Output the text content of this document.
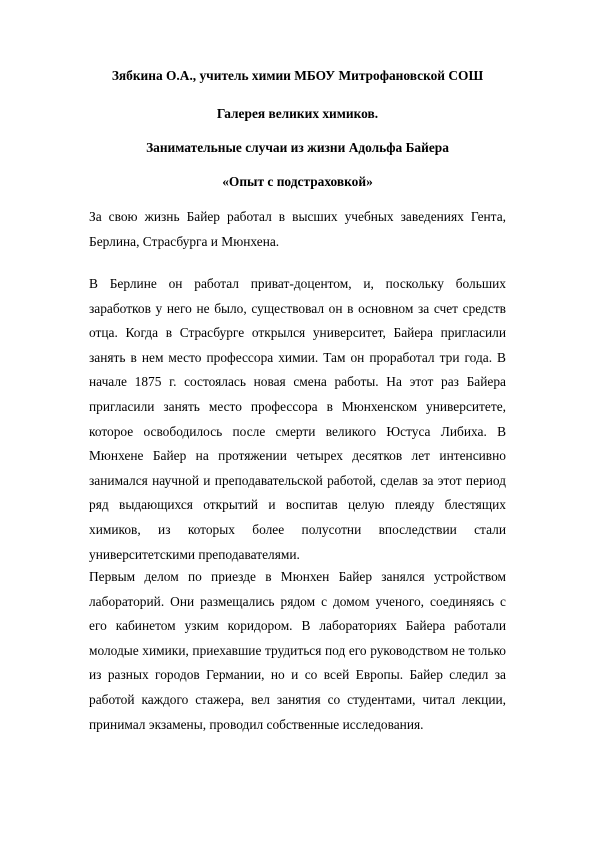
Зябкина О.А., учитель химии МБОУ Митрофановской СОШ
Галерея великих химиков.
Занимательные случаи из жизни Адольфа Байера
«Опыт с подстраховкой»

За свою жизнь Байер работал в высших учебных заведениях Гента, Берлина, Страсбурга и Мюнхена.

В Берлине он работал приват-доцентом, и, поскольку больших заработков у него не было, существовал он в основном за счет средств отца. Когда в Страсбурге открылся университет, Байера пригласили занять в нем место профессора химии. Там он проработал три года. В начале 1875 г. состоялась новая смена работы. На этот раз Байера пригласили занять место профессора в Мюнхенском университете, которое освободилось после смерти великого Юстуса Либиха. В Мюнхене Байер на протяжении четырех десятков лет интенсивно занимался научной и преподавательской работой, сделав за этот период ряд выдающихся открытий и воспитав целую плеяду блестящих химиков, из которых более полусотни впоследствии стали университетскими преподавателями.

Первым делом по приезде в Мюнхен Байер занялся устройством лабораторий. Они размещались рядом с домом ученого, соединяясь с его кабинетом узким коридором. В лабораториях Байера работали молодые химики, приехавшие трудиться под его руководством не только из разных городов Германии, но и со всей Европы. Байер следил за работой каждого стажера, вел занятия со студентами, читал лекции, принимал экзамены, проводил собственные исследования.
